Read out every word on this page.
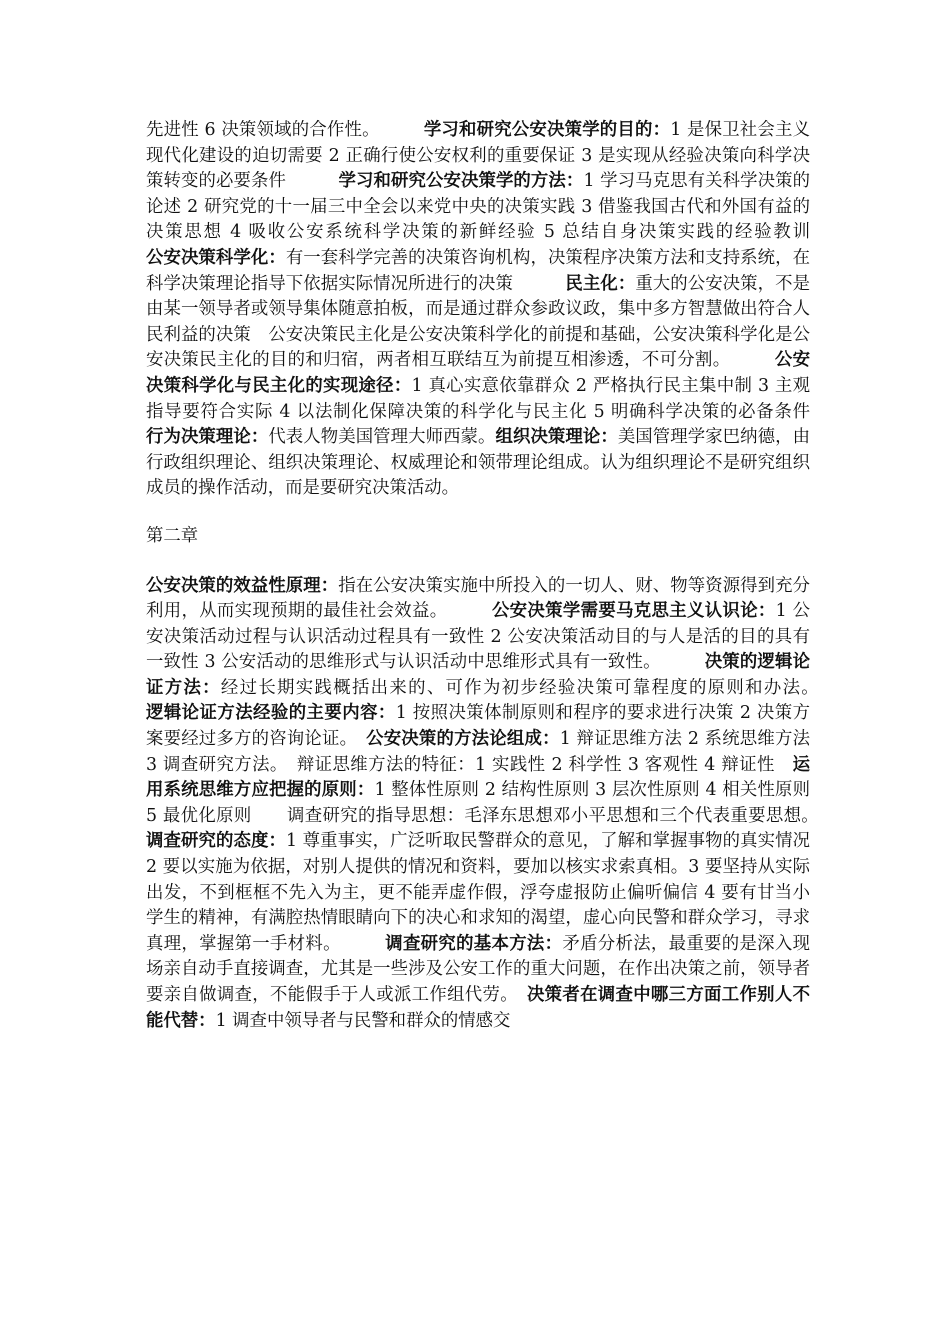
先进性 6 决策领域的合作性。　　　学习和研究公安决策学的目的：1 是保卫社会主义现代化建设的迫切需要 2 正确行使公安权利的重要保证 3 是实现从经验决策向科学决策转变的必要条件　　　学习和研究公安决策学的方法：1 学习马克思有关科学决策的论述 2 研究党的十一届三中全会以来党中央的决策实践 3 借鉴我国古代和外国有益的决策思想 4 吸收公安系统科学决策的新鲜经验 5 总结自身决策实践的经验教训　　　公安决策科学化：有一套科学完善的决策咨询机构，决策程序决策方法和支持系统，在科学决策理论指导下依据实际情况所进行的决策　　　民主化：重大的公安决策，不是由某一领导者或领导集体随意拍板，而是通过群众参政议政，集中多方智慧做出符合人民利益的决策　公安决策民主化是公安决策科学化的前提和基础，公安决策科学化是公安决策民主化的目的和归宿，两者相互联结互为前提互相渗透，不可分割。　　　公安决策科学化与民主化的实现途径：1 真心实意依靠群众 2 严格执行民主集中制 3 主观指导要符合实际 4 以法制化保障决策的科学化与民主化 5 明确科学决策的必备条件　　　　　行为决策理论：代表人物美国管理大师西蒙。组织决策理论：美国管理学家巴纳德，由行政组织理论、组织决策理论、权威理论和领带理论组成。认为组织理论不是研究组织成员的操作活动，而是要研究决策活动。

第二章

公安决策的效益性原理：指在公安决策实施中所投入的一切人、财、物等资源得到充分利用，从而实现预期的最佳社会效益。　　　公安决策学需要马克思主义认识论：1 公安决策活动过程与认识活动过程具有一致性 2 公安决策活动目的与人是活的目的具有一致性 3 公安活动的思维形式与认识活动中思维形式具有一致性。　　　决策的逻辑论证方法：经过长期实践概括出来的、可作为初步经验决策可靠程度的原则和办法。　　逻辑论证方法经验的主要内容：1 按照决策体制原则和程序的要求进行决策 2 决策方案要经过多方的咨询论证。　公安决策的方法论组成：1 辩证思维方法 2 系统思维方法 3 调查研究方法。　辩证思维方法的特征：1 实践性 2 科学性 3 客观性 4 辩证性　运用系统思维方应把握的原则：1 整体性原则 2 结构性原则 3 层次性原则 4 相关性原则 5 最优化原则　　调查研究的指导思想：毛泽东思想邓小平思想和三个代表重要思想。　　调查研究的态度：1 尊重事实，广泛听取民警群众的意见，了解和掌握事物的真实情况 2 要以实施为依据，对别人提供的情况和资料，要加以核实求索真相。3 要坚持从实际出发，不到框框不先入为主，更不能弄虚作假，浮夸虚报防止偏听偏信 4 要有甘当小学生的精神，有满腔热情眼睛向下的决心和求知的渴望，虚心向民警和群众学习，寻求真理，掌握第一手材料。　　　调查研究的基本方法：矛盾分析法，最重要的是深入现场亲自动手直接调查，尤其是一些涉及公安工作的重大问题，在作出决策之前，领导者要亲自做调查，不能假手于人或派工作组代劳。　决策者在调查中哪三方面工作别人不能代替：1 调查中领导者与民警和群众的情感交
